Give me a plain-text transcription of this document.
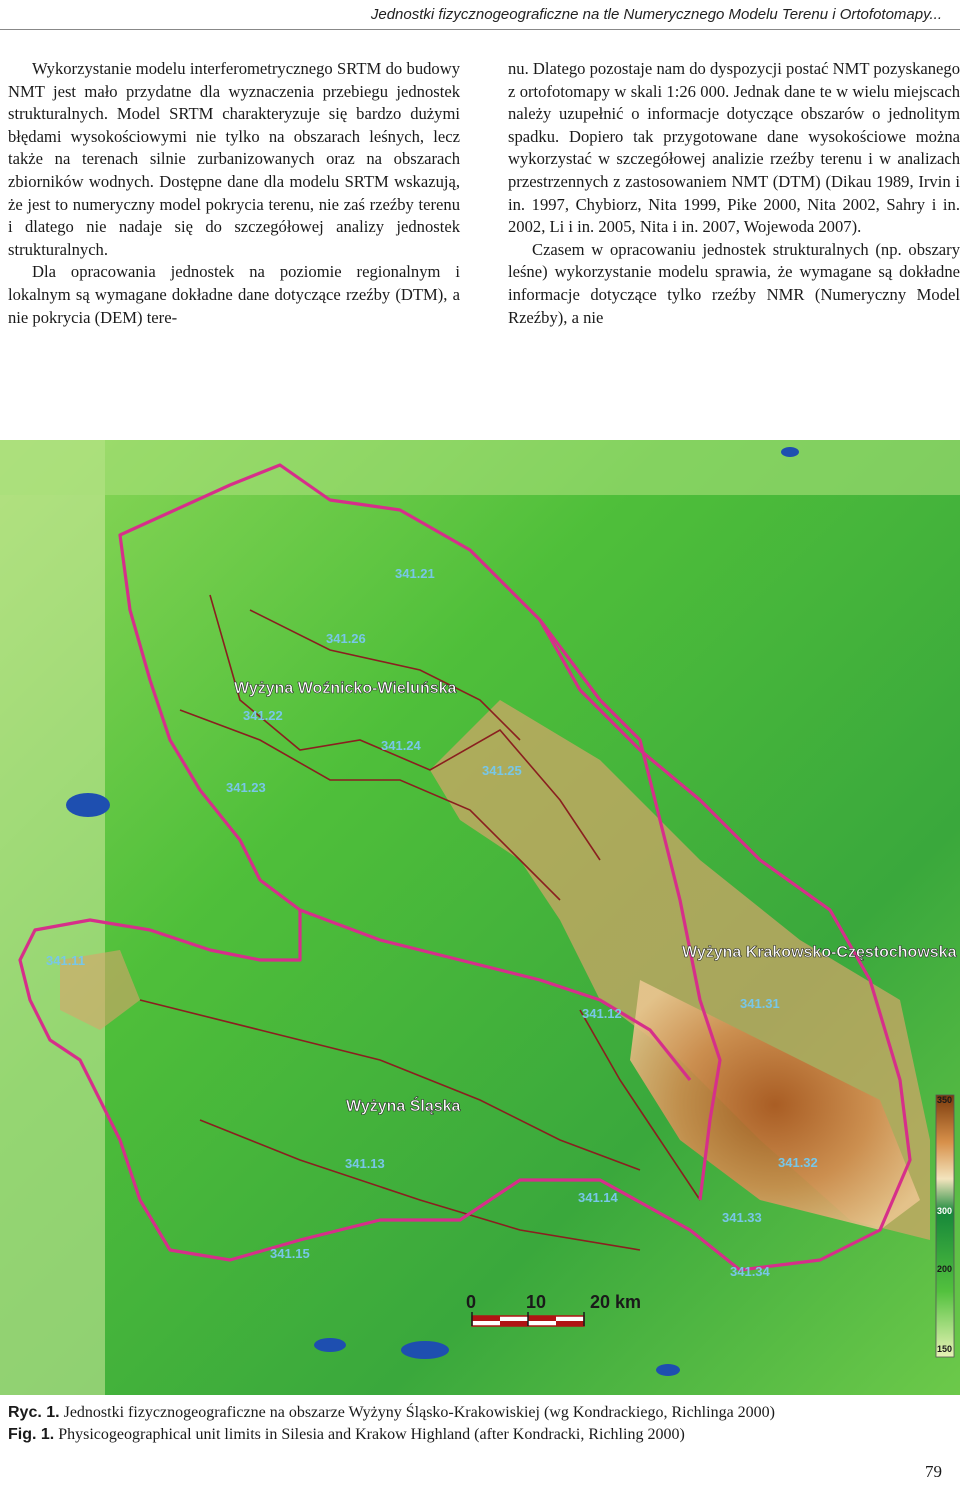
Jednostki fizycznogeograficzne na tle Numerycznego Modelu Terenu i Ortofotomapy...

Wykorzystanie modelu interferometrycznego SRTM do budowy NMT jest mało przydatne dla wyznaczenia przebiegu jednostek strukturalnych. Model SRTM charakteryzuje się bardzo dużymi błędami wysokościowymi nie tylko na obszarach leśnych, lecz także na terenach silnie zurbanizowanych oraz na obszarach zbiorników wodnych. Dostępne dane dla modelu SRTM wskazują, że jest to numeryczny model pokrycia terenu, nie zaś rzeźby terenu i dlatego nie nadaje się do szczegółowej analizy jednostek strukturalnych.

Dla opracowania jednostek na poziomie regionalnym i lokalnym są wymagane dokładne dane dotyczące rzeźby (DTM), a nie pokrycia (DEM) tere-

nu. Dlatego pozostaje nam do dyspozycji postać NMT pozyskanego z ortofotomapy w skali 1:26 000. Jednak dane te w wielu miejscach należy uzupełnić o informacje dotyczące obszarów o jednolitym spadku. Dopiero tak przygotowane dane wysokościowe można wykorzystać w szczegółowej analizie rzeźby terenu i w analizach przestrzennych z zastosowaniem NMT (DTM) (Dikau 1989, Irvin i in. 1997, Chybiorz, Nita 1999, Pike 2000, Nita 2002, Sahry i in. 2002, Li i in. 2005, Nita i in. 2007, Wojewoda 2007).

Czasem w opracowaniu jednostek strukturalnych (np. obszary leśne) wykorzystanie modelu sprawia, że wymagane są dokładne informacje dotyczące tylko rzeźby NMR (Numeryczny Model Rzeźby), a nie

Wyżyna Woźnicko-Wieluńska
Wyżyna Krakowsko-Częstochowska
Wyżyna Śląska
341.21
341.26
341.22
341.24
341.25
341.23
341.11
341.12
341.31
341.13
341.14
341.32
341.33
341.34
341.15
0	10 20 km
350
300
200
150
Ryc. 1. Jednostki fizycznogeograficzne na obszarze Wyżyny Śląsko-Krakowiskiej (wg Kondrackiego, Richlinga 2000)
Fig. 1. Physicogeographical unit limits in Silesia and Krakow Highland (after Kondracki, Richling 2000)
79
